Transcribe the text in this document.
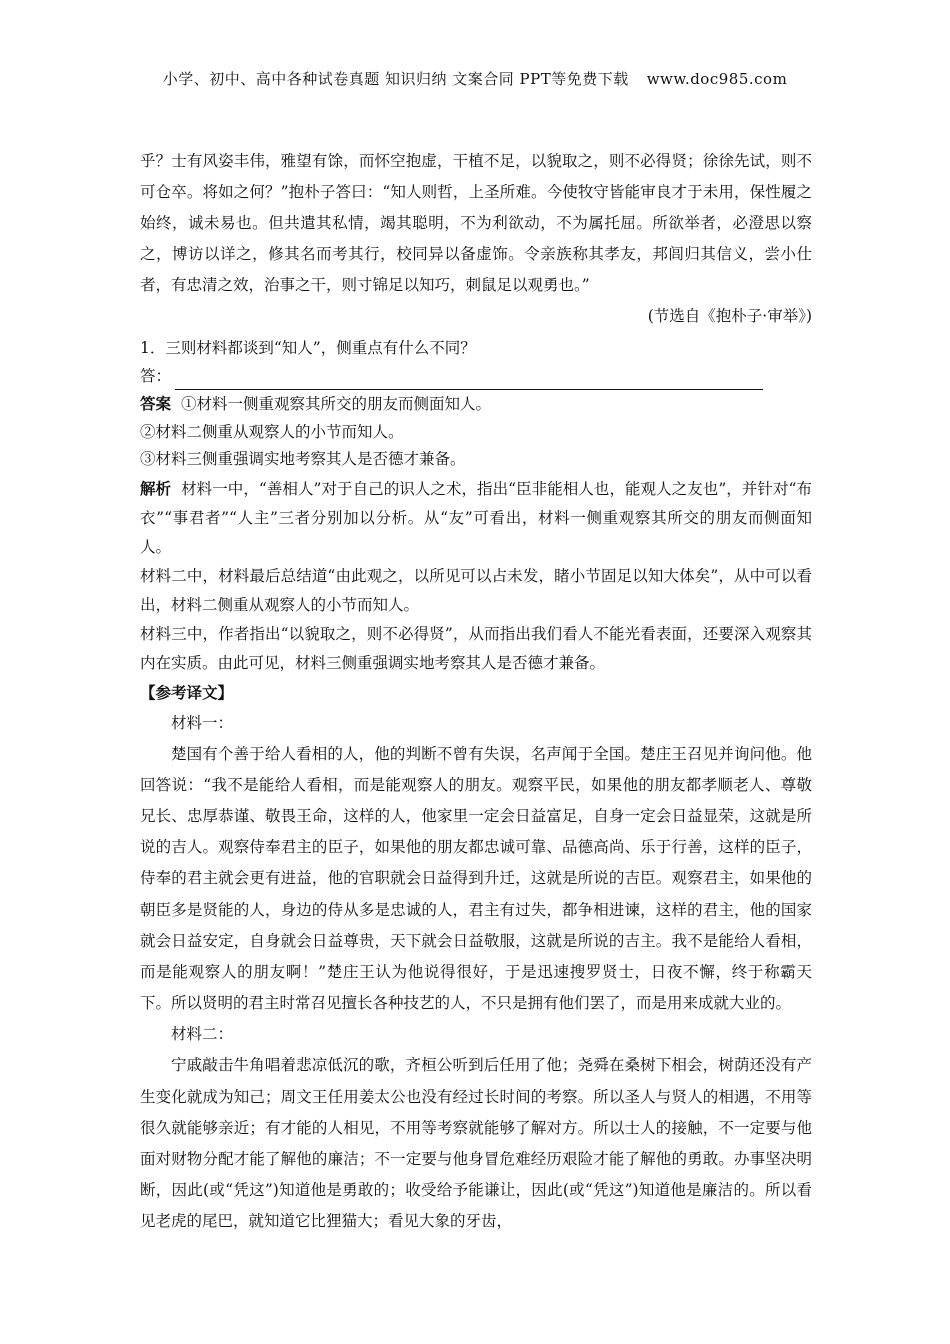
小学、初中、高中各种试卷真题 知识归纳 文案合同 PPT等免费下载 www.doc985.com

乎？士有风姿丰伟，雅望有馀，而怀空抱虚，干植不足，以貌取之，则不必得贤；徐徐先试，则不可仓卒。将如之何？”抱朴子答曰：“知人则哲，上圣所难。今使牧守皆能审良才于未用，保性履之始终，诚未易也。但共遣其私情，竭其聪明，不为利欲动，不为属托屈。所欲举者，必澄思以察之，博访以详之，修其名而考其行，校同异以备虚饰。令亲族称其孝友，邦闾归其信义，尝小仕者，有忠清之效，治事之干，则寸锦足以知巧，刺鼠足以观勇也。”

(节选自《抱朴子·审举》)

1．三则材料都谈到“知人”，侧重点有什么不同？

答：

答案 ①材料一侧重观察其所交的朋友而侧面知人。

②材料二侧重从观察人的小节而知人。

③材料三侧重强调实地考察其人是否德才兼备。

解析 材料一中，“善相人”对于自己的识人之术，指出“臣非能相人也，能观人之友也”，并针对“布衣”“事君者”“人主”三者分别加以分析。从“友”可看出，材料一侧重观察其所交的朋友而侧面知人。

材料二中，材料最后总结道“由此观之，以所见可以占未发，睹小节固足以知大体矣”，从中可以看出，材料二侧重从观察人的小节而知人。

材料三中，作者指出“以貌取之，则不必得贤”，从而指出我们看人不能光看表面，还要深入观察其内在实质。由此可见，材料三侧重强调实地考察其人是否德才兼备。

【参考译文】

材料一：

楚国有个善于给人看相的人，他的判断不曾有失误，名声闻于全国。楚庄王召见并询问他。他回答说：“我不是能给人看相，而是能观察人的朋友。观察平民，如果他的朋友都孝顺老人、尊敬兄长、忠厚恭谨、敬畏王命，这样的人，他家里一定会日益富足，自身一定会日益显荣，这就是所说的吉人。观察侍奉君主的臣子，如果他的朋友都忠诚可靠、品德高尚、乐于行善，这样的臣子，侍奉的君主就会更有进益，他的官职就会日益得到升迁，这就是所说的吉臣。观察君主，如果他的朝臣多是贤能的人，身边的侍从多是忠诚的人，君主有过失，都争相进谏，这样的君主，他的国家就会日益安定，自身就会日益尊贵，天下就会日益敬服，这就是所说的吉主。我不是能给人看相，而是能观察人的朋友啊！”楚庄王认为他说得很好，于是迅速搜罗贤士，日夜不懈，终于称霸天下。所以贤明的君主时常召见擅长各种技艺的人，不只是拥有他们罢了，而是用来成就大业的。

材料二：

宁戚敲击牛角唱着悲凉低沉的歌，齐桓公听到后任用了他；尧舜在桑树下相会，树荫还没有产生变化就成为知己；周文王任用姜太公也没有经过长时间的考察。所以圣人与贤人的相遇，不用等很久就能够亲近；有才能的人相见，不用等考察就能够了解对方。所以士人的接触，不一定要与他面对财物分配才能了解他的廉洁；不一定要与他身冒危难经历艰险才能了解他的勇敢。办事坚决明断，因此(或“凭这”)知道他是勇敢的；收受给予能谦让，因此(或“凭这”)知道他是廉洁的。所以看见老虎的尾巴，就知道它比狸猫大；看见大象的牙齿，
